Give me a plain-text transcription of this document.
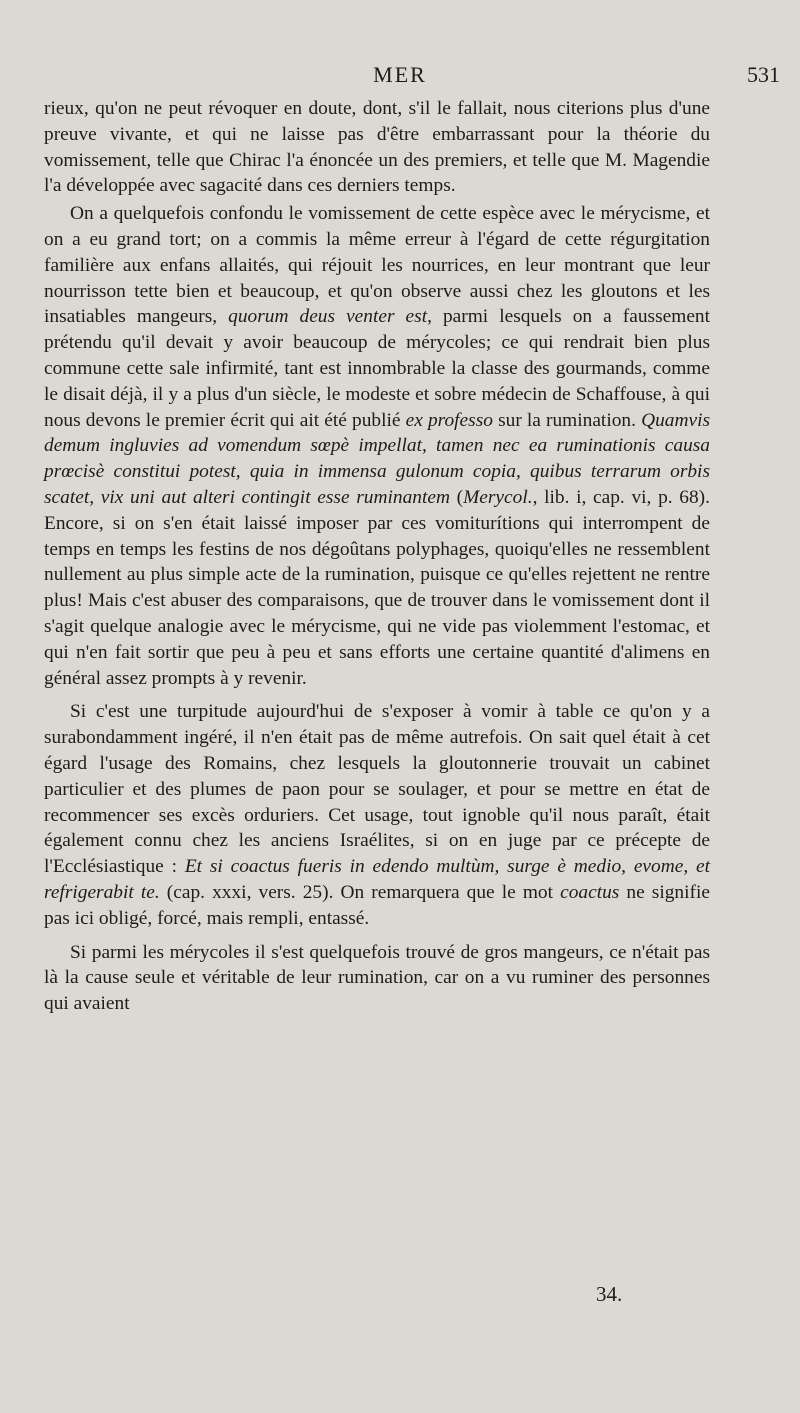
MER	531

rieux, qu'on ne peut révoquer en doute, dont, s'il le fallait, nous citerions plus d'une preuve vivante, et qui ne laisse pas d'être embarrassant pour la théorie du vomissement, telle que Chirac l'a énoncée un des premiers, et telle que M. Magendie l'a développée avec sagacité dans ces derniers temps.

On a quelquefois confondu le vomissement de cette espèce avec le mérycisme, et on a eu grand tort; on a commis la même erreur à l'égard de cette régurgitation familière aux enfans allaités, qui réjouit les nourrices, en leur montrant que leur nourrisson tette bien et beaucoup, et qu'on observe aussi chez les gloutons et les insatiables mangeurs, quorum deus venter est, parmi lesquels on a faussement prétendu qu'il devait y avoir beaucoup de mérycoles; ce qui rendrait bien plus commune cette sale infirmité, tant est innombrable la classe des gourmands, comme le disait déjà, il y a plus d'un siècle, le modeste et sobre médecin de Schaffouse, à qui nous devons le premier écrit qui ait été publié ex professo sur la rumination. Quamvis demum ingluvies ad vomendum sœpè impellat, tamen nec ea ruminationis causa prœcisè constitui potest, quia in immensa gulonum copia, quibus terrarum orbis scatet, vix uni aut alteri contingit esse ruminantem (Merycol., lib. i, cap. vi, p. 68). Encore, si on s'en était laissé imposer par ces vomiturítions qui interrompent de temps en temps les festins de nos dégoûtans polyphages, quoiqu'elles ne ressemblent nullement au plus simple acte de la rumination, puisque ce qu'elles rejettent ne rentre plus! Mais c'est abuser des comparaisons, que de trouver dans le vomissement dont il s'agit quelque analogie avec le mérycisme, qui ne vide pas violemment l'estomac, et qui n'en fait sortir que peu à peu et sans efforts une certaine quantité d'alimens en général assez prompts à y revenir.

Si c'est une turpitude aujourd'hui de s'exposer à vomir à table ce qu'on y a surabondamment ingéré, il n'en était pas de même autrefois. On sait quel était à cet égard l'usage des Romains, chez lesquels la gloutonnerie trouvait un cabinet particulier et des plumes de paon pour se soulager, et pour se mettre en état de recommencer ses excès orduriers. Cet usage, tout ignoble qu'il nous paraît, était également connu chez les anciens Israélites, si on en juge par ce précepte de l'Ecclésiastique : Et si coactus fueris in edendo multùm, surge è medio, evome, et refrigerabit te. (cap. xxxi, vers. 25). On remarquera que le mot coactus ne signifie pas ici obligé, forcé, mais rempli, entassé.

Si parmi les mérycoles il s'est quelquefois trouvé de gros mangeurs, ce n'était pas là la cause seule et véritable de leur rumination, car on a vu ruminer des personnes qui avaient

34.
